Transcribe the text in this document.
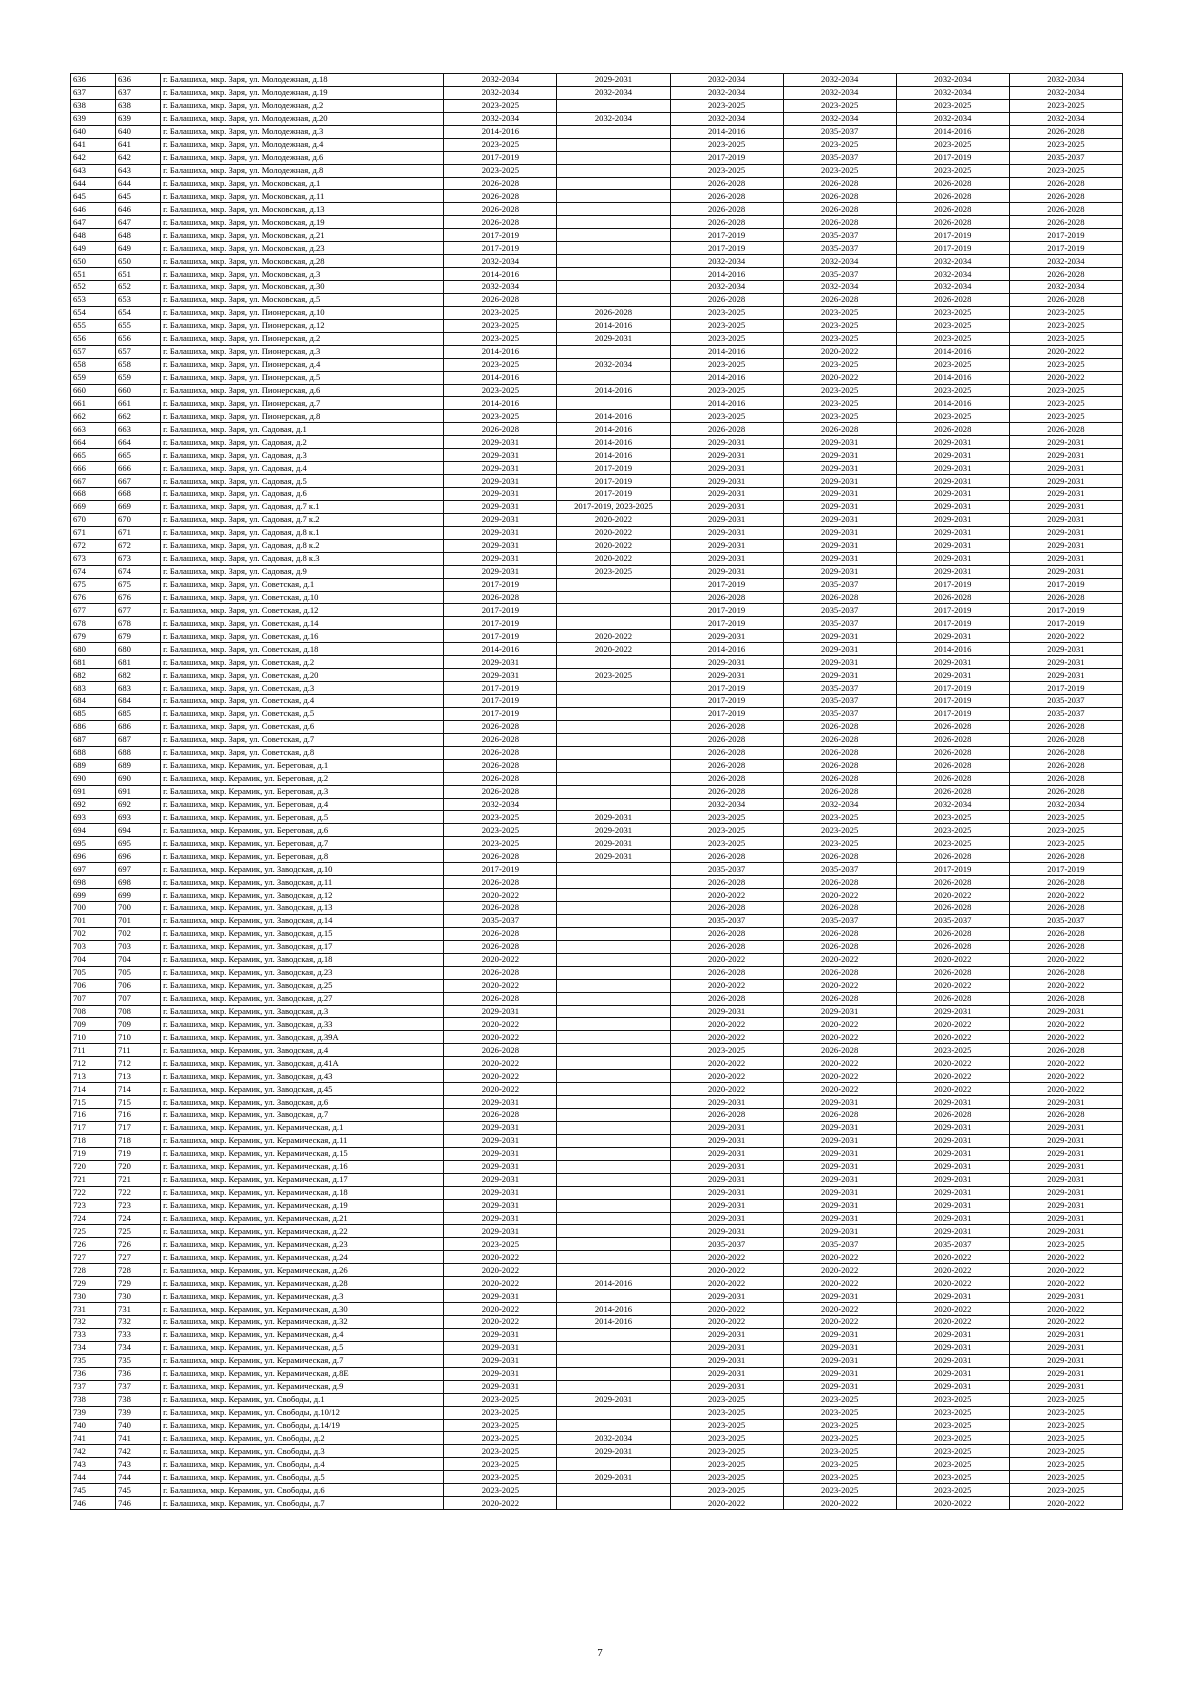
636	636	г. Балашиха, мкр. Заря, ул. Молодежная, д.18	2032-2034	2029-2031	2032-2034	2032-2034	2032-2034	2032-2034
637	637	г. Балашиха, мкр. Заря, ул. Молодежная, д.19	2032-2034	2032-2034	2032-2034	2032-2034	2032-2034	2032-2034
638	638	г. Балашиха, мкр. Заря, ул. Молодежная, д.2	2023-2025		2023-2025	2023-2025	2023-2025	2023-2025
639	639	г. Балашиха, мкр. Заря, ул. Молодежная, д.20	2032-2034	2032-2034	2032-2034	2032-2034	2032-2034	2032-2034
640	640	г. Балашиха, мкр. Заря, ул. Молодежная, д.3	2014-2016		2014-2016	2035-2037	2014-2016	2026-2028
641	641	г. Балашиха, мкр. Заря, ул. Молодежная, д.4	2023-2025		2023-2025	2023-2025	2023-2025	2023-2025
642	642	г. Балашиха, мкр. Заря, ул. Молодежная, д.6	2017-2019		2017-2019	2035-2037	2017-2019	2035-2037
643	643	г. Балашиха, мкр. Заря, ул. Молодежная, д.8	2023-2025		2023-2025	2023-2025	2023-2025	2023-2025
644	644	г. Балашиха, мкр. Заря, ул. Московская, д.1	2026-2028		2026-2028	2026-2028	2026-2028	2026-2028
645	645	г. Балашиха, мкр. Заря, ул. Московская, д.11	2026-2028		2026-2028	2026-2028	2026-2028	2026-2028
646	646	г. Балашиха, мкр. Заря, ул. Московская, д.13	2026-2028		2026-2028	2026-2028	2026-2028	2026-2028
647	647	г. Балашиха, мкр. Заря, ул. Московская, д.19	2026-2028		2026-2028	2026-2028	2026-2028	2026-2028
648	648	г. Балашиха, мкр. Заря, ул. Московская, д.21	2017-2019		2017-2019	2035-2037	2017-2019	2017-2019
649	649	г. Балашиха, мкр. Заря, ул. Московская, д.23	2017-2019		2017-2019	2035-2037	2017-2019	2017-2019
650	650	г. Балашиха, мкр. Заря, ул. Московская, д.28	2032-2034		2032-2034	2032-2034	2032-2034	2032-2034
651	651	г. Балашиха, мкр. Заря, ул. Московская, д.3	2014-2016		2014-2016	2035-2037	2032-2034	2026-2028
652	652	г. Балашиха, мкр. Заря, ул. Московская, д.30	2032-2034		2032-2034	2032-2034	2032-2034	2032-2034
653	653	г. Балашиха, мкр. Заря, ул. Московская, д.5	2026-2028		2026-2028	2026-2028	2026-2028	2026-2028
654	654	г. Балашиха, мкр. Заря, ул. Пионерская, д.10	2023-2025	2026-2028	2023-2025	2023-2025	2023-2025	2023-2025
655	655	г. Балашиха, мкр. Заря, ул. Пионерская, д.12	2023-2025	2014-2016	2023-2025	2023-2025	2023-2025	2023-2025
656	656	г. Балашиха, мкр. Заря, ул. Пионерская, д.2	2023-2025	2029-2031	2023-2025	2023-2025	2023-2025	2023-2025
657	657	г. Балашиха, мкр. Заря, ул. Пионерская, д.3	2014-2016		2014-2016	2020-2022	2014-2016	2020-2022
658	658	г. Балашиха, мкр. Заря, ул. Пионерская, д.4	2023-2025	2032-2034	2023-2025	2023-2025	2023-2025	2023-2025
659	659	г. Балашиха, мкр. Заря, ул. Пионерская, д.5	2014-2016		2014-2016	2020-2022	2014-2016	2020-2022
660	660	г. Балашиха, мкр. Заря, ул. Пионерская, д.6	2023-2025	2014-2016	2023-2025	2023-2025	2023-2025	2023-2025
661	661	г. Балашиха, мкр. Заря, ул. Пионерская, д.7	2014-2016		2014-2016	2023-2025	2014-2016	2023-2025
662	662	г. Балашиха, мкр. Заря, ул. Пионерская, д.8	2023-2025	2014-2016	2023-2025	2023-2025	2023-2025	2023-2025
663	663	г. Балашиха, мкр. Заря, ул. Садовая, д.1	2026-2028	2014-2016	2026-2028	2026-2028	2026-2028	2026-2028
664	664	г. Балашиха, мкр. Заря, ул. Садовая, д.2	2029-2031	2014-2016	2029-2031	2029-2031	2029-2031	2029-2031
665	665	г. Балашиха, мкр. Заря, ул. Садовая, д.3	2029-2031	2014-2016	2029-2031	2029-2031	2029-2031	2029-2031
666	666	г. Балашиха, мкр. Заря, ул. Садовая, д.4	2029-2031	2017-2019	2029-2031	2029-2031	2029-2031	2029-2031
667	667	г. Балашиха, мкр. Заря, ул. Садовая, д.5	2029-2031	2017-2019	2029-2031	2029-2031	2029-2031	2029-2031
668	668	г. Балашиха, мкр. Заря, ул. Садовая, д.6	2029-2031	2017-2019	2029-2031	2029-2031	2029-2031	2029-2031
669	669	г. Балашиха, мкр. Заря, ул. Садовая, д.7 к.1	2029-2031	2017-2019, 2023-2025	2029-2031	2029-2031	2029-2031	2029-2031
670	670	г. Балашиха, мкр. Заря, ул. Садовая, д.7 к.2	2029-2031	2020-2022	2029-2031	2029-2031	2029-2031	2029-2031
671	671	г. Балашиха, мкр. Заря, ул. Садовая, д.8 к.1	2029-2031	2020-2022	2029-2031	2029-2031	2029-2031	2029-2031
672	672	г. Балашиха, мкр. Заря, ул. Садовая, д.8 к.2	2029-2031	2020-2022	2029-2031	2029-2031	2029-2031	2029-2031
673	673	г. Балашиха, мкр. Заря, ул. Садовая, д.8 к.3	2029-2031	2020-2022	2029-2031	2029-2031	2029-2031	2029-2031
674	674	г. Балашиха, мкр. Заря, ул. Садовая, д.9	2029-2031	2023-2025	2029-2031	2029-2031	2029-2031	2029-2031
675	675	г. Балашиха, мкр. Заря, ул. Советская, д.1	2017-2019		2017-2019	2035-2037	2017-2019	2017-2019
676	676	г. Балашиха, мкр. Заря, ул. Советская, д.10	2026-2028		2026-2028	2026-2028	2026-2028	2026-2028
677	677	г. Балашиха, мкр. Заря, ул. Советская, д.12	2017-2019		2017-2019	2035-2037	2017-2019	2017-2019
678	678	г. Балашиха, мкр. Заря, ул. Советская, д.14	2017-2019		2017-2019	2035-2037	2017-2019	2017-2019
679	679	г. Балашиха, мкр. Заря, ул. Советская, д.16	2017-2019	2020-2022	2029-2031	2029-2031	2029-2031	2020-2022
680	680	г. Балашиха, мкр. Заря, ул. Советская, д.18	2014-2016	2020-2022	2014-2016	2029-2031	2014-2016	2029-2031
681	681	г. Балашиха, мкр. Заря, ул. Советская, д.2	2029-2031		2029-2031	2029-2031	2029-2031	2029-2031
682	682	г. Балашиха, мкр. Заря, ул. Советская, д.20	2029-2031	2023-2025	2029-2031	2029-2031	2029-2031	2029-2031
683	683	г. Балашиха, мкр. Заря, ул. Советская, д.3	2017-2019		2017-2019	2035-2037	2017-2019	2017-2019
684	684	г. Балашиха, мкр. Заря, ул. Советская, д.4	2017-2019		2017-2019	2035-2037	2017-2019	2035-2037
685	685	г. Балашиха, мкр. Заря, ул. Советская, д.5	2017-2019		2017-2019	2035-2037	2017-2019	2035-2037
686	686	г. Балашиха, мкр. Заря, ул. Советская, д.6	2026-2028		2026-2028	2026-2028	2026-2028	2026-2028
687	687	г. Балашиха, мкр. Заря, ул. Советская, д.7	2026-2028		2026-2028	2026-2028	2026-2028	2026-2028
688	688	г. Балашиха, мкр. Заря, ул. Советская, д.8	2026-2028		2026-2028	2026-2028	2026-2028	2026-2028
689	689	г. Балашиха, мкр. Керамик, ул. Береговая, д.1	2026-2028		2026-2028	2026-2028	2026-2028	2026-2028
690	690	г. Балашиха, мкр. Керамик, ул. Береговая, д.2	2026-2028		2026-2028	2026-2028	2026-2028	2026-2028
691	691	г. Балашиха, мкр. Керамик, ул. Береговая, д.3	2026-2028		2026-2028	2026-2028	2026-2028	2026-2028
692	692	г. Балашиха, мкр. Керамик, ул. Береговая, д.4	2032-2034		2032-2034	2032-2034	2032-2034	2032-2034
693	693	г. Балашиха, мкр. Керамик, ул. Береговая, д.5	2023-2025	2029-2031	2023-2025	2023-2025	2023-2025	2023-2025
694	694	г. Балашиха, мкр. Керамик, ул. Береговая, д.6	2023-2025	2029-2031	2023-2025	2023-2025	2023-2025	2023-2025
695	695	г. Балашиха, мкр. Керамик, ул. Береговая, д.7	2023-2025	2029-2031	2023-2025	2023-2025	2023-2025	2023-2025
696	696	г. Балашиха, мкр. Керамик, ул. Береговая, д.8	2026-2028	2029-2031	2026-2028	2026-2028	2026-2028	2026-2028
697	697	г. Балашиха, мкр. Керамик, ул. Заводская, д.10	2017-2019		2035-2037	2035-2037	2017-2019	2017-2019
698	698	г. Балашиха, мкр. Керамик, ул. Заводская, д.11	2026-2028		2026-2028	2026-2028	2026-2028	2026-2028
699	699	г. Балашиха, мкр. Керамик, ул. Заводская, д.12	2020-2022		2020-2022	2020-2022	2020-2022	2020-2022
700	700	г. Балашиха, мкр. Керамик, ул. Заводская, д.13	2026-2028		2026-2028	2026-2028	2026-2028	2026-2028
701	701	г. Балашиха, мкр. Керамик, ул. Заводская, д.14	2035-2037		2035-2037	2035-2037	2035-2037	2035-2037
702	702	г. Балашиха, мкр. Керамик, ул. Заводская, д.15	2026-2028		2026-2028	2026-2028	2026-2028	2026-2028
703	703	г. Балашиха, мкр. Керамик, ул. Заводская, д.17	2026-2028		2026-2028	2026-2028	2026-2028	2026-2028
704	704	г. Балашиха, мкр. Керамик, ул. Заводская, д.18	2020-2022		2020-2022	2020-2022	2020-2022	2020-2022
705	705	г. Балашиха, мкр. Керамик, ул. Заводская, д.23	2026-2028		2026-2028	2026-2028	2026-2028	2026-2028
706	706	г. Балашиха, мкр. Керамик, ул. Заводская, д.25	2020-2022		2020-2022	2020-2022	2020-2022	2020-2022
707	707	г. Балашиха, мкр. Керамик, ул. Заводская, д.27	2026-2028		2026-2028	2026-2028	2026-2028	2026-2028
708	708	г. Балашиха, мкр. Керамик, ул. Заводская, д.3	2029-2031		2029-2031	2029-2031	2029-2031	2029-2031
709	709	г. Балашиха, мкр. Керамик, ул. Заводская, д.33	2020-2022		2020-2022	2020-2022	2020-2022	2020-2022
710	710	г. Балашиха, мкр. Керамик, ул. Заводская, д.39А	2020-2022		2020-2022	2020-2022	2020-2022	2020-2022
711	711	г. Балашиха, мкр. Керамик, ул. Заводская, д.4	2026-2028		2023-2025	2026-2028	2023-2025	2026-2028
712	712	г. Балашиха, мкр. Керамик, ул. Заводская, д.41А	2020-2022		2020-2022	2020-2022	2020-2022	2020-2022
713	713	г. Балашиха, мкр. Керамик, ул. Заводская, д.43	2020-2022		2020-2022	2020-2022	2020-2022	2020-2022
714	714	г. Балашиха, мкр. Керамик, ул. Заводская, д.45	2020-2022		2020-2022	2020-2022	2020-2022	2020-2022
715	715	г. Балашиха, мкр. Керамик, ул. Заводская, д.6	2029-2031		2029-2031	2029-2031	2029-2031	2029-2031
716	716	г. Балашиха, мкр. Керамик, ул. Заводская, д.7	2026-2028		2026-2028	2026-2028	2026-2028	2026-2028
717	717	г. Балашиха, мкр. Керамик, ул. Керамическая, д.1	2029-2031		2029-2031	2029-2031	2029-2031	2029-2031
718	718	г. Балашиха, мкр. Керамик, ул. Керамическая, д.11	2029-2031		2029-2031	2029-2031	2029-2031	2029-2031
719	719	г. Балашиха, мкр. Керамик, ул. Керамическая, д.15	2029-2031		2029-2031	2029-2031	2029-2031	2029-2031
720	720	г. Балашиха, мкр. Керамик, ул. Керамическая, д.16	2029-2031		2029-2031	2029-2031	2029-2031	2029-2031
721	721	г. Балашиха, мкр. Керамик, ул. Керамическая, д.17	2029-2031		2029-2031	2029-2031	2029-2031	2029-2031
722	722	г. Балашиха, мкр. Керамик, ул. Керамическая, д.18	2029-2031		2029-2031	2029-2031	2029-2031	2029-2031
723	723	г. Балашиха, мкр. Керамик, ул. Керамическая, д.19	2029-2031		2029-2031	2029-2031	2029-2031	2029-2031
724	724	г. Балашиха, мкр. Керамик, ул. Керамическая, д.21	2029-2031		2029-2031	2029-2031	2029-2031	2029-2031
725	725	г. Балашиха, мкр. Керамик, ул. Керамическая, д.22	2029-2031		2029-2031	2029-2031	2029-2031	2029-2031
726	726	г. Балашиха, мкр. Керамик, ул. Керамическая, д.23	2023-2025		2035-2037	2035-2037	2035-2037	2023-2025
727	727	г. Балашиха, мкр. Керамик, ул. Керамическая, д.24	2020-2022		2020-2022	2020-2022	2020-2022	2020-2022
728	728	г. Балашиха, мкр. Керамик, ул. Керамическая, д.26	2020-2022		2020-2022	2020-2022	2020-2022	2020-2022
729	729	г. Балашиха, мкр. Керамик, ул. Керамическая, д.28	2020-2022	2014-2016	2020-2022	2020-2022	2020-2022	2020-2022
730	730	г. Балашиха, мкр. Керамик, ул. Керамическая, д.3	2029-2031		2029-2031	2029-2031	2029-2031	2029-2031
731	731	г. Балашиха, мкр. Керамик, ул. Керамическая, д.30	2020-2022	2014-2016	2020-2022	2020-2022	2020-2022	2020-2022
732	732	г. Балашиха, мкр. Керамик, ул. Керамическая, д.32	2020-2022	2014-2016	2020-2022	2020-2022	2020-2022	2020-2022
733	733	г. Балашиха, мкр. Керамик, ул. Керамическая, д.4	2029-2031		2029-2031	2029-2031	2029-2031	2029-2031
734	734	г. Балашиха, мкр. Керамик, ул. Керамическая, д.5	2029-2031		2029-2031	2029-2031	2029-2031	2029-2031
735	735	г. Балашиха, мкр. Керамик, ул. Керамическая, д.7	2029-2031		2029-2031	2029-2031	2029-2031	2029-2031
736	736	г. Балашиха, мкр. Керамик, ул. Керамическая, д.8Е	2029-2031		2029-2031	2029-2031	2029-2031	2029-2031
737	737	г. Балашиха, мкр. Керамик, ул. Керамическая, д.9	2029-2031		2029-2031	2029-2031	2029-2031	2029-2031
738	738	г. Балашиха, мкр. Керамик, ул. Свободы, д.1	2023-2025	2029-2031	2023-2025	2023-2025	2023-2025	2023-2025
739	739	г. Балашиха, мкр. Керамик, ул. Свободы, д.10/12	2023-2025		2023-2025	2023-2025	2023-2025	2023-2025
740	740	г. Балашиха, мкр. Керамик, ул. Свободы, д.14/19	2023-2025		2023-2025	2023-2025	2023-2025	2023-2025
741	741	г. Балашиха, мкр. Керамик, ул. Свободы, д.2	2023-2025	2032-2034	2023-2025	2023-2025	2023-2025	2023-2025
742	742	г. Балашиха, мкр. Керамик, ул. Свободы, д.3	2023-2025	2029-2031	2023-2025	2023-2025	2023-2025	2023-2025
743	743	г. Балашиха, мкр. Керамик, ул. Свободы, д.4	2023-2025		2023-2025	2023-2025	2023-2025	2023-2025
744	744	г. Балашиха, мкр. Керамик, ул. Свободы, д.5	2023-2025	2029-2031	2023-2025	2023-2025	2023-2025	2023-2025
745	745	г. Балашиха, мкр. Керамик, ул. Свободы, д.6	2023-2025		2023-2025	2023-2025	2023-2025	2023-2025
746	746	г. Балашиха, мкр. Керамик, ул. Свободы, д.7	2020-2022		2020-2022	2020-2022	2020-2022	2020-2022
7
